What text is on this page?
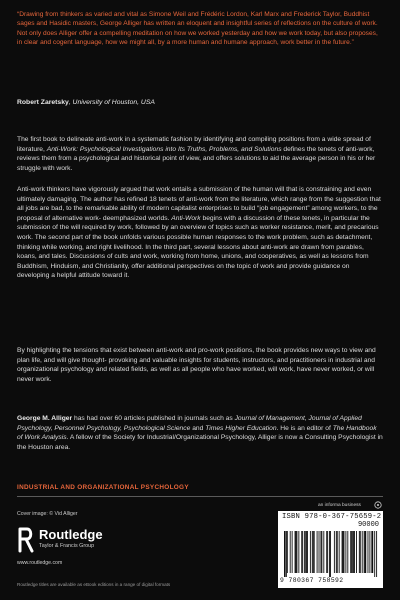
“Drawing from thinkers as varied and vital as Simone Weil and Frédéric Lordon, Karl Marx and Frederick Taylor, Buddhist sages and Hasidic masters, George Alliger has written an eloquent and insightful series of reflections on the culture of work. Not only does Alliger offer a compelling meditation on how we worked yesterday and how we work today, but also proposes, in clear and cogent language, how we might all, by a more human and humane approach, work better in the future.”

Robert Zaretsky, University of Houston, USA

The first book to delineate anti-work in a systematic fashion by identifying and compiling positions from a wide spread of literature, Anti-Work: Psychological Investigations into Its Truths, Problems, and Solutions defines the tenets of anti-work, reviews them from a psychological and historical point of view, and offers solutions to aid the average person in his or her struggle with work.

Anti-work thinkers have vigorously argued that work entails a submission of the human will that is constraining and even ultimately damaging. The author has refined 18 tenets of anti-work from the literature, which range from the suggestion that all jobs are bad, to the remarkable ability of modern capitalist enterprises to build “job engagement” among workers, to the proposal of alternative work- deemphasized worlds. Anti-Work begins with a discussion of these tenets, in particular the submission of the will required by work, followed by an overview of topics such as worker resistance, merit, and precarious work. The second part of the book unfolds various possible human responses to the work problem, such as detachment, thinking while working, and right livelihood. In the third part, several lessons about anti-work are drawn from parables, koans, and tales. Discussions of cults and work, working from home, unions, and cooperatives, as well as lessons from Buddhism, Hinduism, and Christianity, offer additional perspectives on the topic of work and provide guidance on developing a helpful attitude toward it.

By highlighting the tensions that exist between anti-work and pro-work positions, the book provides new ways to view and plan life, and will give thought- provoking and valuable insights for students, instructors, and practitioners in industrial and organizational psychology and related fields, as well as all people who have worked, will work, have never worked, or will never work.

George M. Alliger has had over 60 articles published in journals such as Journal of Management, Journal of Applied Psychology, Personnel Psychology, Psychological Science and Times Higher Education. He is an editor of The Handbook of Work Analysis. A fellow of the Society for Industrial/Organizational Psychology, Alliger is now a Consulting Psychologist in the Houston area.

INDUSTRIAL AND ORGANIZATIONAL PSYCHOLOGY
an informa business
Cover image: © Vid Alliger
Routledge
Taylor & Francis Group
www.routledge.com
Routledge titles are available as eBook editions in a range of digital formats
ISBN 978-0-367-75659-2
90000
9 780367 758592
